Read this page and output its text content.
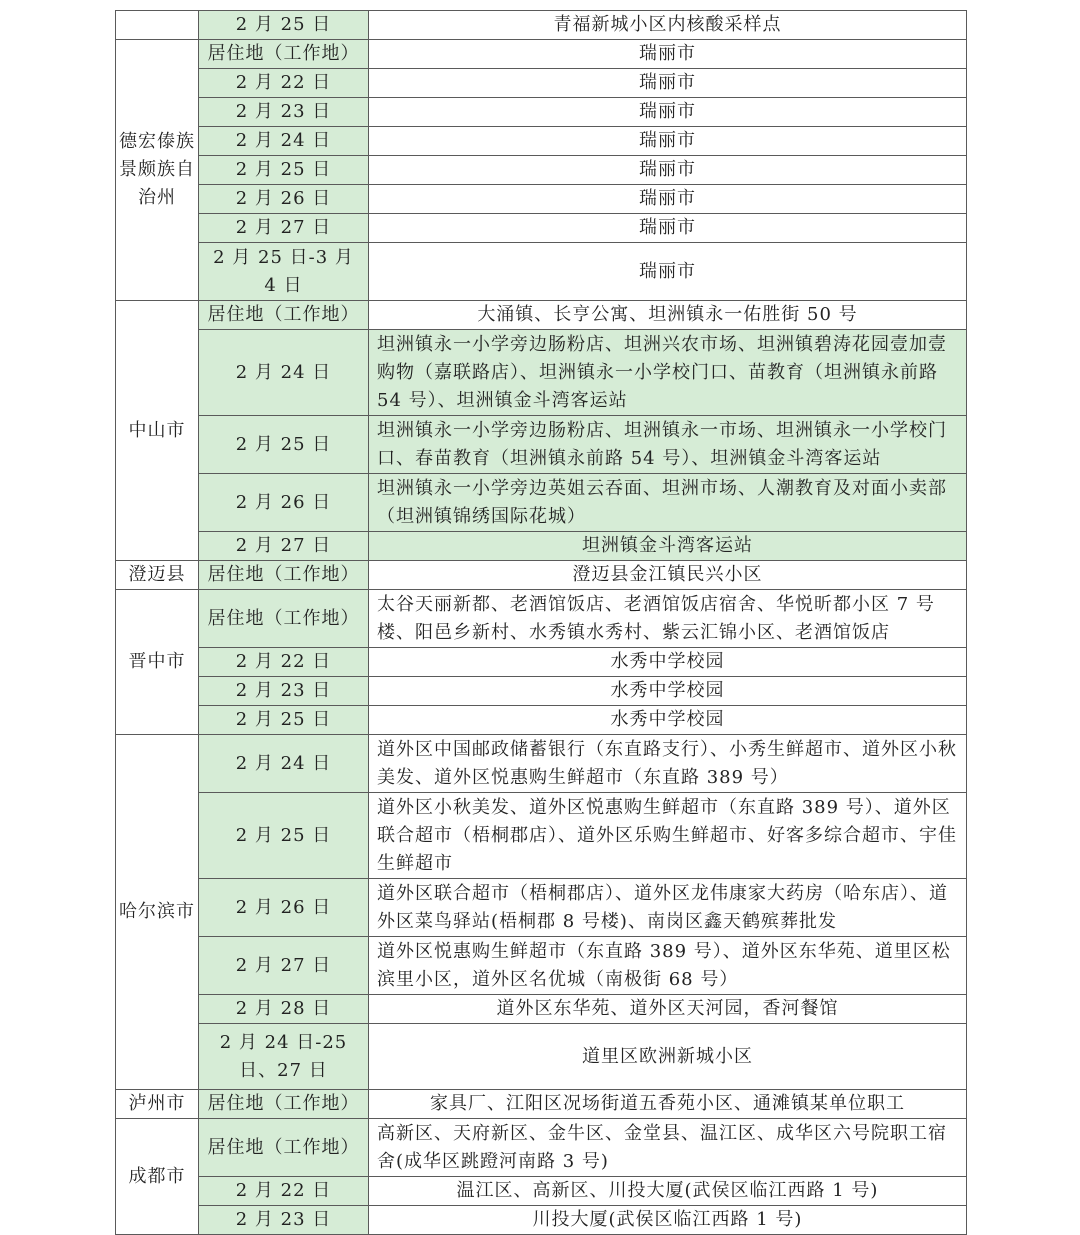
	2 月 25 日	青福新城小区内核酸采样点
德宏傣族景颇族自治州	居住地（工作地）	瑞丽市
	2 月 22 日	瑞丽市
	2 月 23 日	瑞丽市
	2 月 24 日	瑞丽市
	2 月 25 日	瑞丽市
	2 月 26 日	瑞丽市
	2 月 27 日	瑞丽市
	2 月 25 日-3 月 4 日	瑞丽市
中山市	居住地（工作地）	大涌镇、长亨公寓、坦洲镇永一佑胜街 50 号
	2 月 24 日	坦洲镇永一小学旁边肠粉店、坦洲兴农市场、坦洲镇碧涛花园壹加壹购物（嘉联路店）、坦洲镇永一小学校门口、苗教育（坦洲镇永前路 54 号）、坦洲镇金斗湾客运站
	2 月 25 日	坦洲镇永一小学旁边肠粉店、坦洲镇永一市场、坦洲镇永一小学校门口、春苗教育（坦洲镇永前路 54 号）、坦洲镇金斗湾客运站
	2 月 26 日	坦洲镇永一小学旁边英姐云吞面、坦洲市场、人潮教育及对面小卖部（坦洲镇锦绣国际花城）
	2 月 27 日	坦洲镇金斗湾客运站
澄迈县	居住地（工作地）	澄迈县金江镇民兴小区
晋中市	居住地（工作地）	太谷天丽新都、老酒馆饭店、老酒馆饭店宿舍、华悦昕都小区 7 号楼、阳邑乡新村、水秀镇水秀村、紫云汇锦小区、老酒馆饭店
	2 月 22 日	水秀中学校园
	2 月 23 日	水秀中学校园
	2 月 25 日	水秀中学校园
哈尔滨市	2 月 24 日	道外区中国邮政储蓄银行（东直路支行）、小秀生鲜超市、道外区小秋美发、道外区悦惠购生鲜超市（东直路 389 号）
	2 月 25 日	道外区小秋美发、道外区悦惠购生鲜超市（东直路 389 号）、道外区联合超市（梧桐郡店）、道外区乐购生鲜超市、好客多综合超市、宇佳生鲜超市
	2 月 26 日	道外区联合超市（梧桐郡店）、道外区龙伟康家大药房（哈东店）、道外区菜鸟驿站(梧桐郡 8 号楼)、南岗区鑫天鹤殡葬批发
	2 月 27 日	道外区悦惠购生鲜超市（东直路 389 号）、道外区东华苑、道里区松滨里小区，道外区名优城（南极街 68 号）
	2 月 28 日	道外区东华苑、道外区天河园，香河餐馆
	2 月 24 日-25 日、27 日	道里区欧洲新城小区
泸州市	居住地（工作地）	家具厂、江阳区况场街道五香苑小区、通滩镇某单位职工
成都市	居住地（工作地）	高新区、天府新区、金牛区、金堂县、温江区、成华区六号院职工宿舍(成华区跳蹬河南路 3 号)
	2 月 22 日	温江区、高新区、川投大厦(武侯区临江西路 1 号)
	2 月 23 日	川投大厦(武侯区临江西路 1 号)
